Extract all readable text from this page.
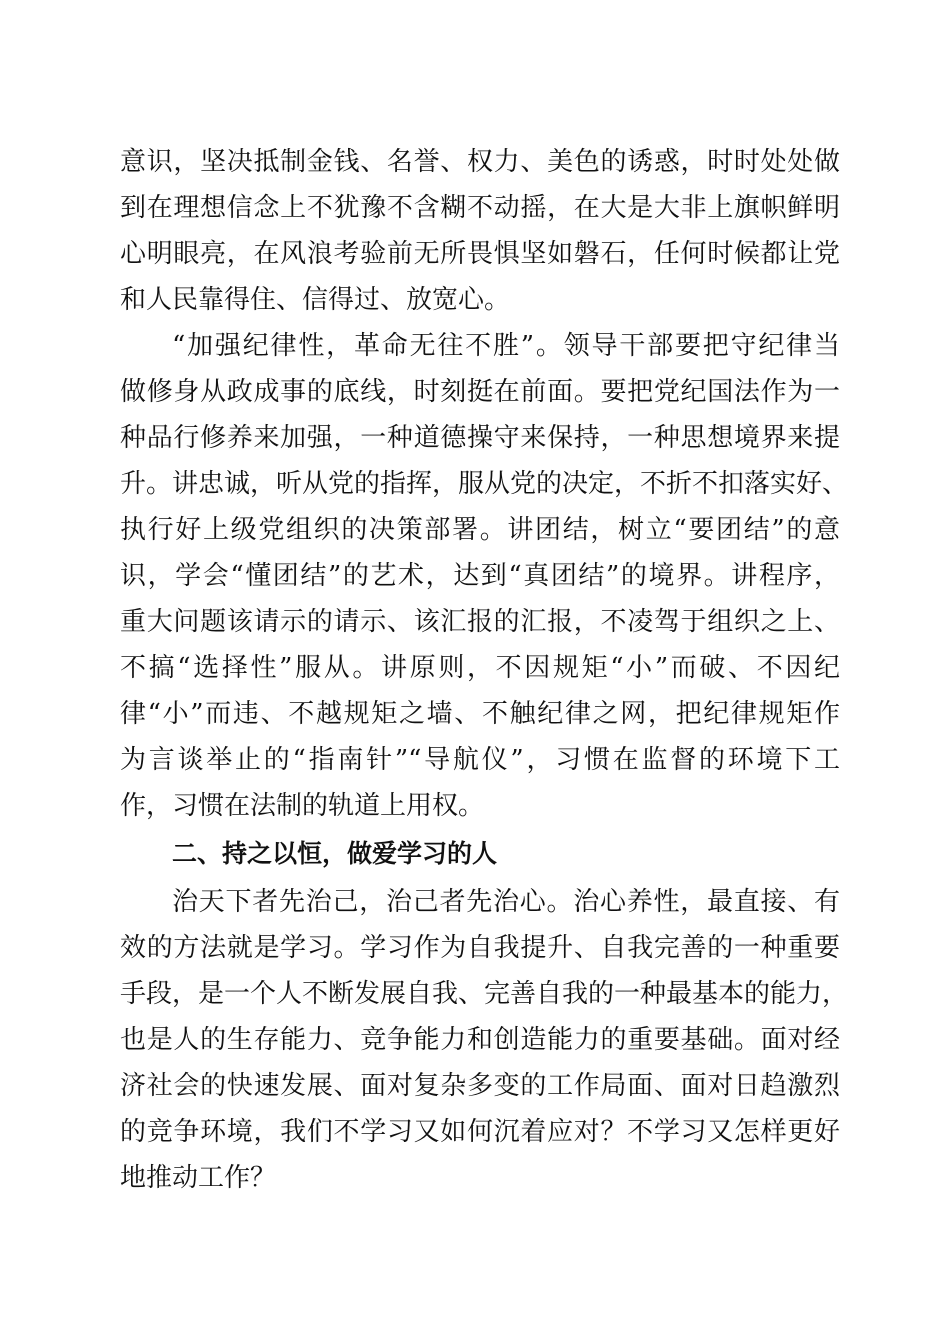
意识，坚决抵制金钱、名誉、权力、美色的诱惑，时时处处做
到在理想信念上不犹豫不含糊不动摇，在大是大非上旗帜鲜明
心明眼亮，在风浪考验前无所畏惧坚如磐石，任何时候都让党
和人民靠得住、信得过、放宽心。
“加强纪律性，革命无往不胜”。领导干部要把守纪律当
做修身从政成事的底线，时刻挺在前面。要把党纪国法作为一
种品行修养来加强，一种道德操守来保持，一种思想境界来提
升。讲忠诚，听从党的指挥，服从党的决定，不折不扣落实好、
执行好上级党组织的决策部署。讲团结，树立“要团结”的意
识，学会“懂团结”的艺术，达到“真团结”的境界。讲程序，
重大问题该请示的请示、该汇报的汇报，不凌驾于组织之上、
不搞“选择性”服从。讲原则，不因规矩“小”而破、不因纪
律“小”而违、不越规矩之墙、不触纪律之网，把纪律规矩作
为言谈举止的“指南针”“导航仪”，习惯在监督的环境下工
作，习惯在法制的轨道上用权。
二、持之以恒，做爱学习的人
治天下者先治己，治己者先治心。治心养性，最直接、有
效的方法就是学习。学习作为自我提升、自我完善的一种重要
手段，是一个人不断发展自我、完善自我的一种最基本的能力，
也是人的生存能力、竞争能力和创造能力的重要基础。面对经
济社会的快速发展、面对复杂多变的工作局面、面对日趋激烈
的竞争环境，我们不学习又如何沉着应对？不学习又怎样更好
地推动工作？
